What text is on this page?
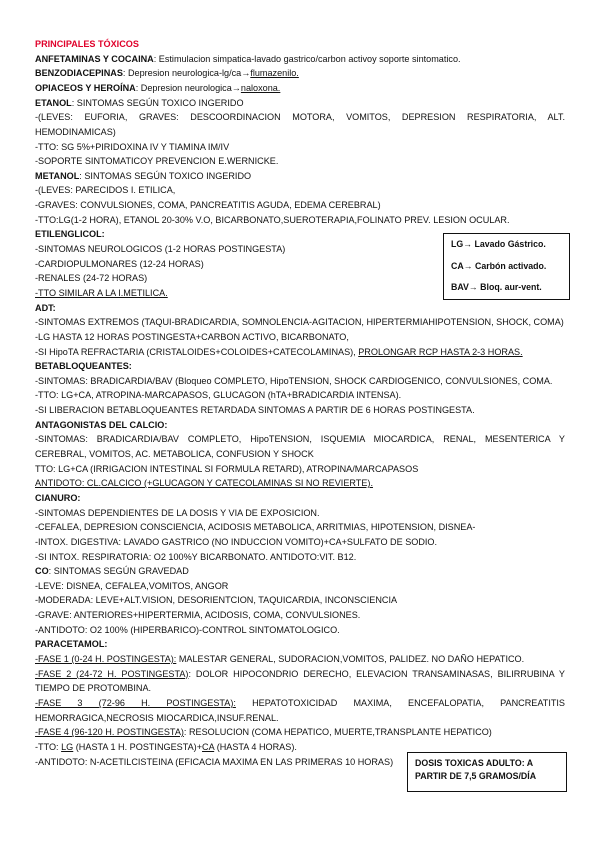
PRINCIPALES TÓXICOS
ANFETAMINAS Y COCAINA: Estimulacion simpatica-lavado gastrico/carbon activoy soporte sintomatico.
BENZODIACEPINAS: Depresion neurologica-lg/ca→flumazenilo.
OPIACEOS Y HEROÍNA: Depresion neurologica→naloxona.
ETANOL: SINTOMAS SEGÚN TOXICO INGERIDO
-(LEVES: EUFORIA, GRAVES: DESCOORDINACION MOTORA, VOMITOS, DEPRESION RESPIRATORIA, ALT. HEMODINAMICAS)
-TTO: SG 5%+PIRIDOXINA IV Y TIAMINA IM/IV
-SOPORTE SINTOMATICOY PREVENCION E.WERNICKE.
METANOL: SINTOMAS SEGÚN TOXICO INGERIDO
-(LEVES: PARECIDOS I. ETILICA,
-GRAVES: CONVULSIONES, COMA, PANCREATITIS AGUDA, EDEMA CEREBRAL)
-TTO:LG(1-2 HORA), ETANOL 20-30% V.O, BICARBONATO,SUEROTERAPIA,FOLINATO PREV. LESION OCULAR.
ETILENGLICOL:
-SINTOMAS NEUROLOGICOS (1-2 HORAS POSTINGESTA)
-CARDIOPULMONARES (12-24 HORAS)
-RENALES (24-72 HORAS)
-TTO SIMILAR A LA I.METILICA.
ADT:
-SINTOMAS EXTREMOS (TAQUI-BRADICARDIA, SOMNOLENCIA-AGITACION, HIPERTERMIAHIPOTENSION, SHOCK, COMA)
-LG HASTA 12 HORAS POSTINGESTA+CARBON ACTIVO, BICARBONATO,
-SI HipoTA REFRACTARIA (CRISTALOIDES+COLOIDES+CATECOLAMINAS), PROLONGAR RCP HASTA 2-3 HORAS.
BETABLOQUEANTES:
-SINTOMAS: BRADICARDIA/BAV (Bloqueo COMPLETO, HipoTENSION, SHOCK CARDIOGENICO, CONVULSIONES, COMA.
-TTO: LG+CA, ATROPINA-MARCAPASOS, GLUCAGON (hTA+BRADICARDIA INTENSA).
-SI LIBERACION BETABLOQUEANTES RETARDADA SINTOMAS A PARTIR DE 6 HORAS POSTINGESTA.
ANTAGONISTAS DEL CALCIO:
-SINTOMAS: BRADICARDIA/BAV COMPLETO, HipoTENSION, ISQUEMIA MIOCARDICA, RENAL, MESENTERICA Y CEREBRAL, VOMITOS, AC. METABOLICA, CONFUSION Y SHOCK
TTO: LG+CA (IRRIGACION INTESTINAL SI FORMULA RETARD), ATROPINA/MARCAPASOS
ANTIDOTO: CL.CALCICO (+GLUCAGON Y CATECOLAMINAS SI NO REVIERTE).
CIANURO:
-SINTOMAS DEPENDIENTES DE LA DOSIS Y VIA DE EXPOSICION.
-CEFALEA, DEPRESION CONSCIENCIA, ACIDOSIS METABOLICA, ARRITMIAS, HIPOTENSION, DISNEA-
-INTOX. DIGESTIVA: LAVADO GASTRICO (NO INDUCCION VOMITO)+CA+SULFATO DE SODIO.
-SI INTOX. RESPIRATORIA: O2 100%Y BICARBONATO. ANTIDOTO:VIT. B12.
CO: SINTOMAS SEGÚN GRAVEDAD
-LEVE: DISNEA, CEFALEA,VOMITOS, ANGOR
-MODERADA: LEVE+ALT.VISION, DESORIENTCION, TAQUICARDIA, INCONSCIENCIA
-GRAVE: ANTERIORES+HIPERTERMIA, ACIDOSIS, COMA, CONVULSIONES.
-ANTIDOTO: O2 100% (HIPERBARICO)-CONTROL SINTOMATOLOGICO.
PARACETAMOL:
-FASE 1 (0-24 H. POSTINGESTA): MALESTAR GENERAL, SUDORACION,VOMITOS, PALIDEZ. NO DAÑO HEPATICO.
-FASE 2 (24-72 H. POSTINGESTA): DOLOR HIPOCONDRIO DERECHO, ELEVACION TRANSAMINASAS, BILIRRUBINA Y TIEMPO DE PROTOMBINA.
-FASE 3 (72-96 H. POSTINGESTA): HEPATOTOXICIDAD MAXIMA, ENCEFALOPATIA, PANCREATITIS HEMORRAGICA,NECROSIS MIOCARDICA,INSUF.RENAL.
-FASE 4 (96-120 H. POSTINGESTA): RESOLUCION (COMA HEPATICO, MUERTE,TRANSPLANTE HEPATICO)
-TTO: LG (HASTA 1 H. POSTINGESTA)+CA (HASTA 4 HORAS).
-ANTIDOTO: N-ACETILCISTEINA (EFICACIA MAXIMA EN LAS PRIMERAS 10 HORAS)
LG→ Lavado Gástrico.
CA→ Carbón activado.
BAV→ Bloq. aur-vent.
DOSIS TOXICAS ADULTO: A PARTIR DE 7,5 GRAMOS/DÍA
